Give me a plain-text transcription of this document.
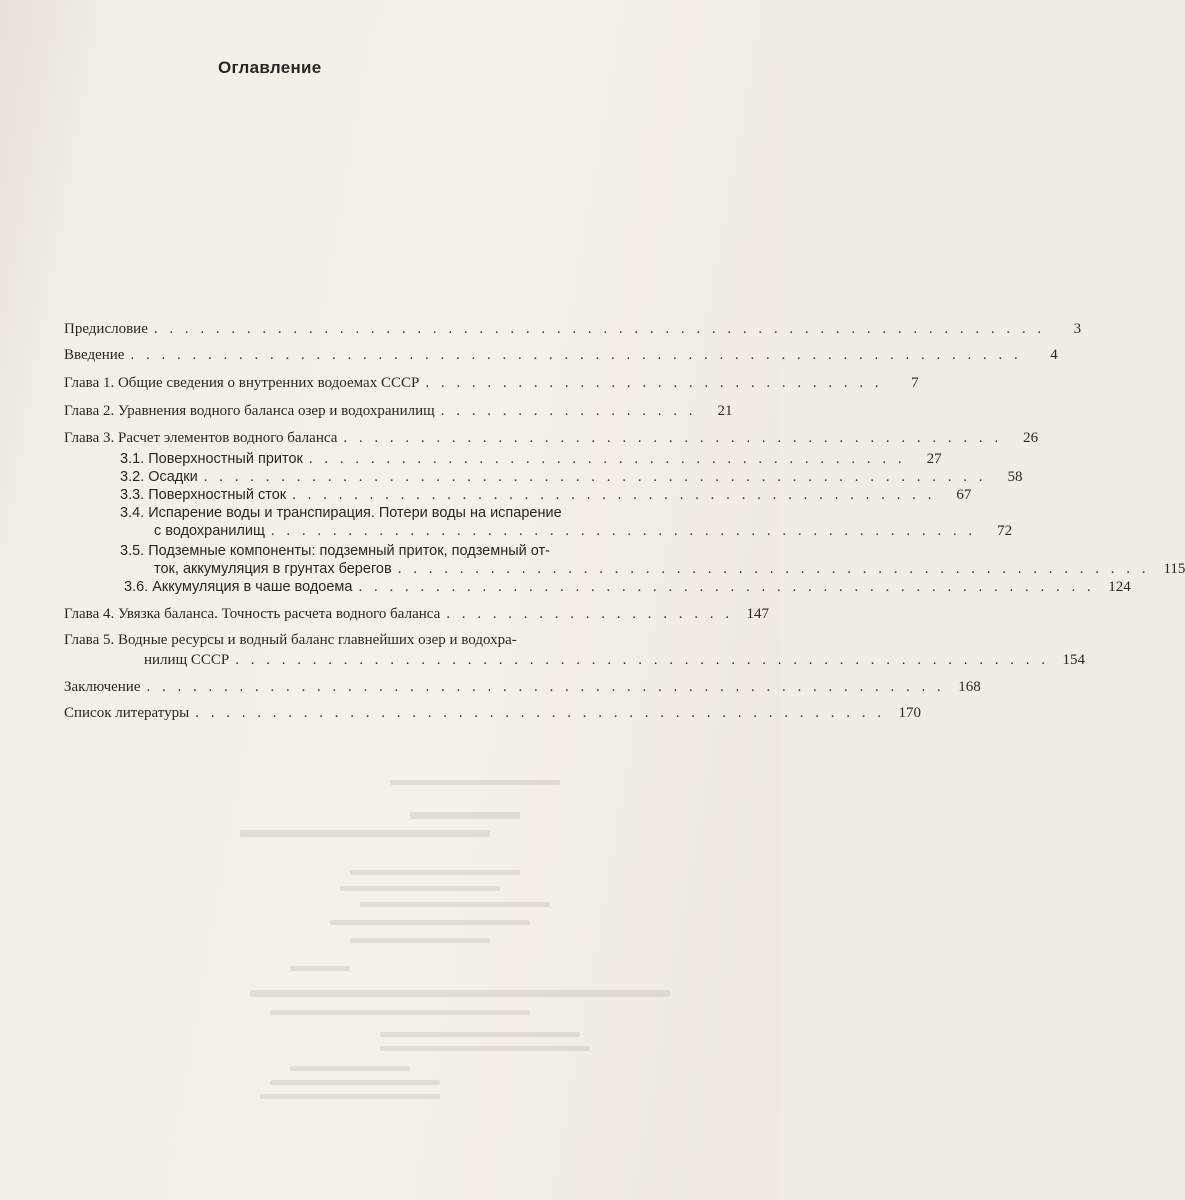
Оглавление
Предисловие . . . . . . . . . . . . . . . . . . . . . . . . . . . . . . . . . . . . . . . . . . . . . . . . . . . . . . . . . .	3
Введение . . . . . . . . . . . . . . . . . . . . . . . . . . . . . . . . . . . . . . . . . . . . . . . . . . . . . . . . . .	4
Глава 1. Общие сведения о внутренних водоемах СССР . . . . . . . . . . . . . . . . . . . . . . . . . . . . . .	7
Глава 2. Уравнения водного баланса озер и водохранилищ . . . . . . . . . . . . . . . . .	21
Глава 3. Расчет элементов водного баланса . . . . . . . . . . . . . . . . . . . . . . . . . . . . . . . . . . . . . . . . . . .	26
3.1. Поверхностный приток . . . . . . . . . . . . . . . . . . . . . . . . . . . . . . . . . . . . . . .	27
3.2. Осадки . . . . . . . . . . . . . . . . . . . . . . . . . . . . . . . . . . . . . . . . . . . . . . . . . . .	58
3.3. Поверхностный сток . . . . . . . . . . . . . . . . . . . . . . . . . . . . . . . . . . . . . . . . . .	67
3.4. Испарение воды и транспирация. Потери воды на испарение
с водохранилищ . . . . . . . . . . . . . . . . . . . . . . . . . . . . . . . . . . . . . . . . . . . . . .	72
3.5. Подземные компоненты: подземный приток, подземный от-
ток, аккумуляция в грунтах берегов . . . . . . . . . . . . . . . . . . . . . . . . . . . . . . . . . . . . . . . . . . . . . . . . . 115
3.6. Аккумуляция в чаше водоема . . . . . . . . . . . . . . . . . . . . . . . . . . . . . . . . . . . . . . . . . . . . . . . . 124
Глава 4. Увязка баланса. Точность расчета водного баланса . . . . . . . . . . . . . . . . . . . 147
Глава 5. Водные ресурсы и водный баланс главнейших озер и водохра-
нилищ СССР . . . . . . . . . . . . . . . . . . . . . . . . . . . . . . . . . . . . . . . . . . . . . . . . . . . . . 154
Заключение . . . . . . . . . . . . . . . . . . . . . . . . . . . . . . . . . . . . . . . . . . . . . . . . . . . . 168
Список литературы . . . . . . . . . . . . . . . . . . . . . . . . . . . . . . . . . . . . . . . . . . . . . 170
